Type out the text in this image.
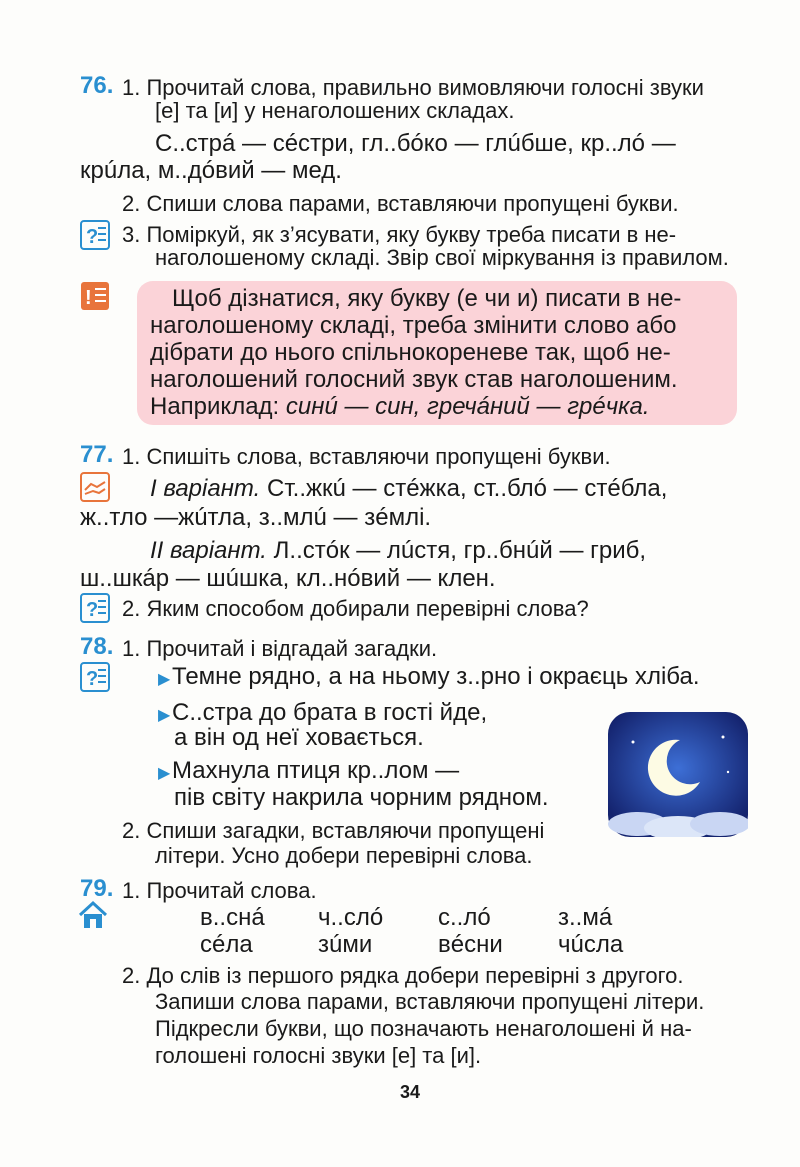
76. 1. Прочитай слова, правильно вимовляючи голосні звуки
[е] та [и] у ненаголошених складах.
С..стрá — сéстри, гл..бóко — глúбше, кр..лó —
крúла, м..дóвий — мед.
2. Спиши слова парами, вставляючи пропущені букви.
? 3. Поміркуй, як з’ясувати, яку букву треба писати в не-
наголошеному складі. Звір свої міркування із правилом.
!	Щоб дізнатися, яку букву (е чи и) писати в не-
наголошеному складі, треба змінити слово або
дібрати до нього спільнокореневе так, щоб не-
наголошений голосний звук став наголошеним.
Наприклад: синú — син, гречáний — грéчка.
77. 1. Спишіть слова, вставляючи пропущені букви.
І варіант. Ст..жкú — стéжка, ст..блó — стéбла,
ж..тло —жúтла, з..млú — зéмлі.
ІІ варіант. Л..стóк — лúстя, гр..бнúй — гриб,
ш..шкáр — шúшка, кл..нóвий — клен.
? 2. Яким способом добирали перевірні слова?
78. 1. Прочитай і відгадай загадки.
?	▶Темне рядно, а на ньому з..рно і окраєць хліба.
▶С..стра до брата в гості йде,
а він од неї ховається.
▶Махнула птиця кр..лом —
пів світу накрила чорним рядном.
2. Спиши загадки, вставляючи пропущені
літери. Усно добери перевірні слова.
79. 1. Прочитай слова.
в..снá ч..слó с..лó	з..мá
сéла	зúми	вéсни чúсла
2. До слів із першого рядка добери перевірні з другого.
Запиши слова парами, вставляючи пропущені літери.
Підкресли букви, що позначають ненаголошені й на-
голошені голосні звуки [е] та [и].
34
